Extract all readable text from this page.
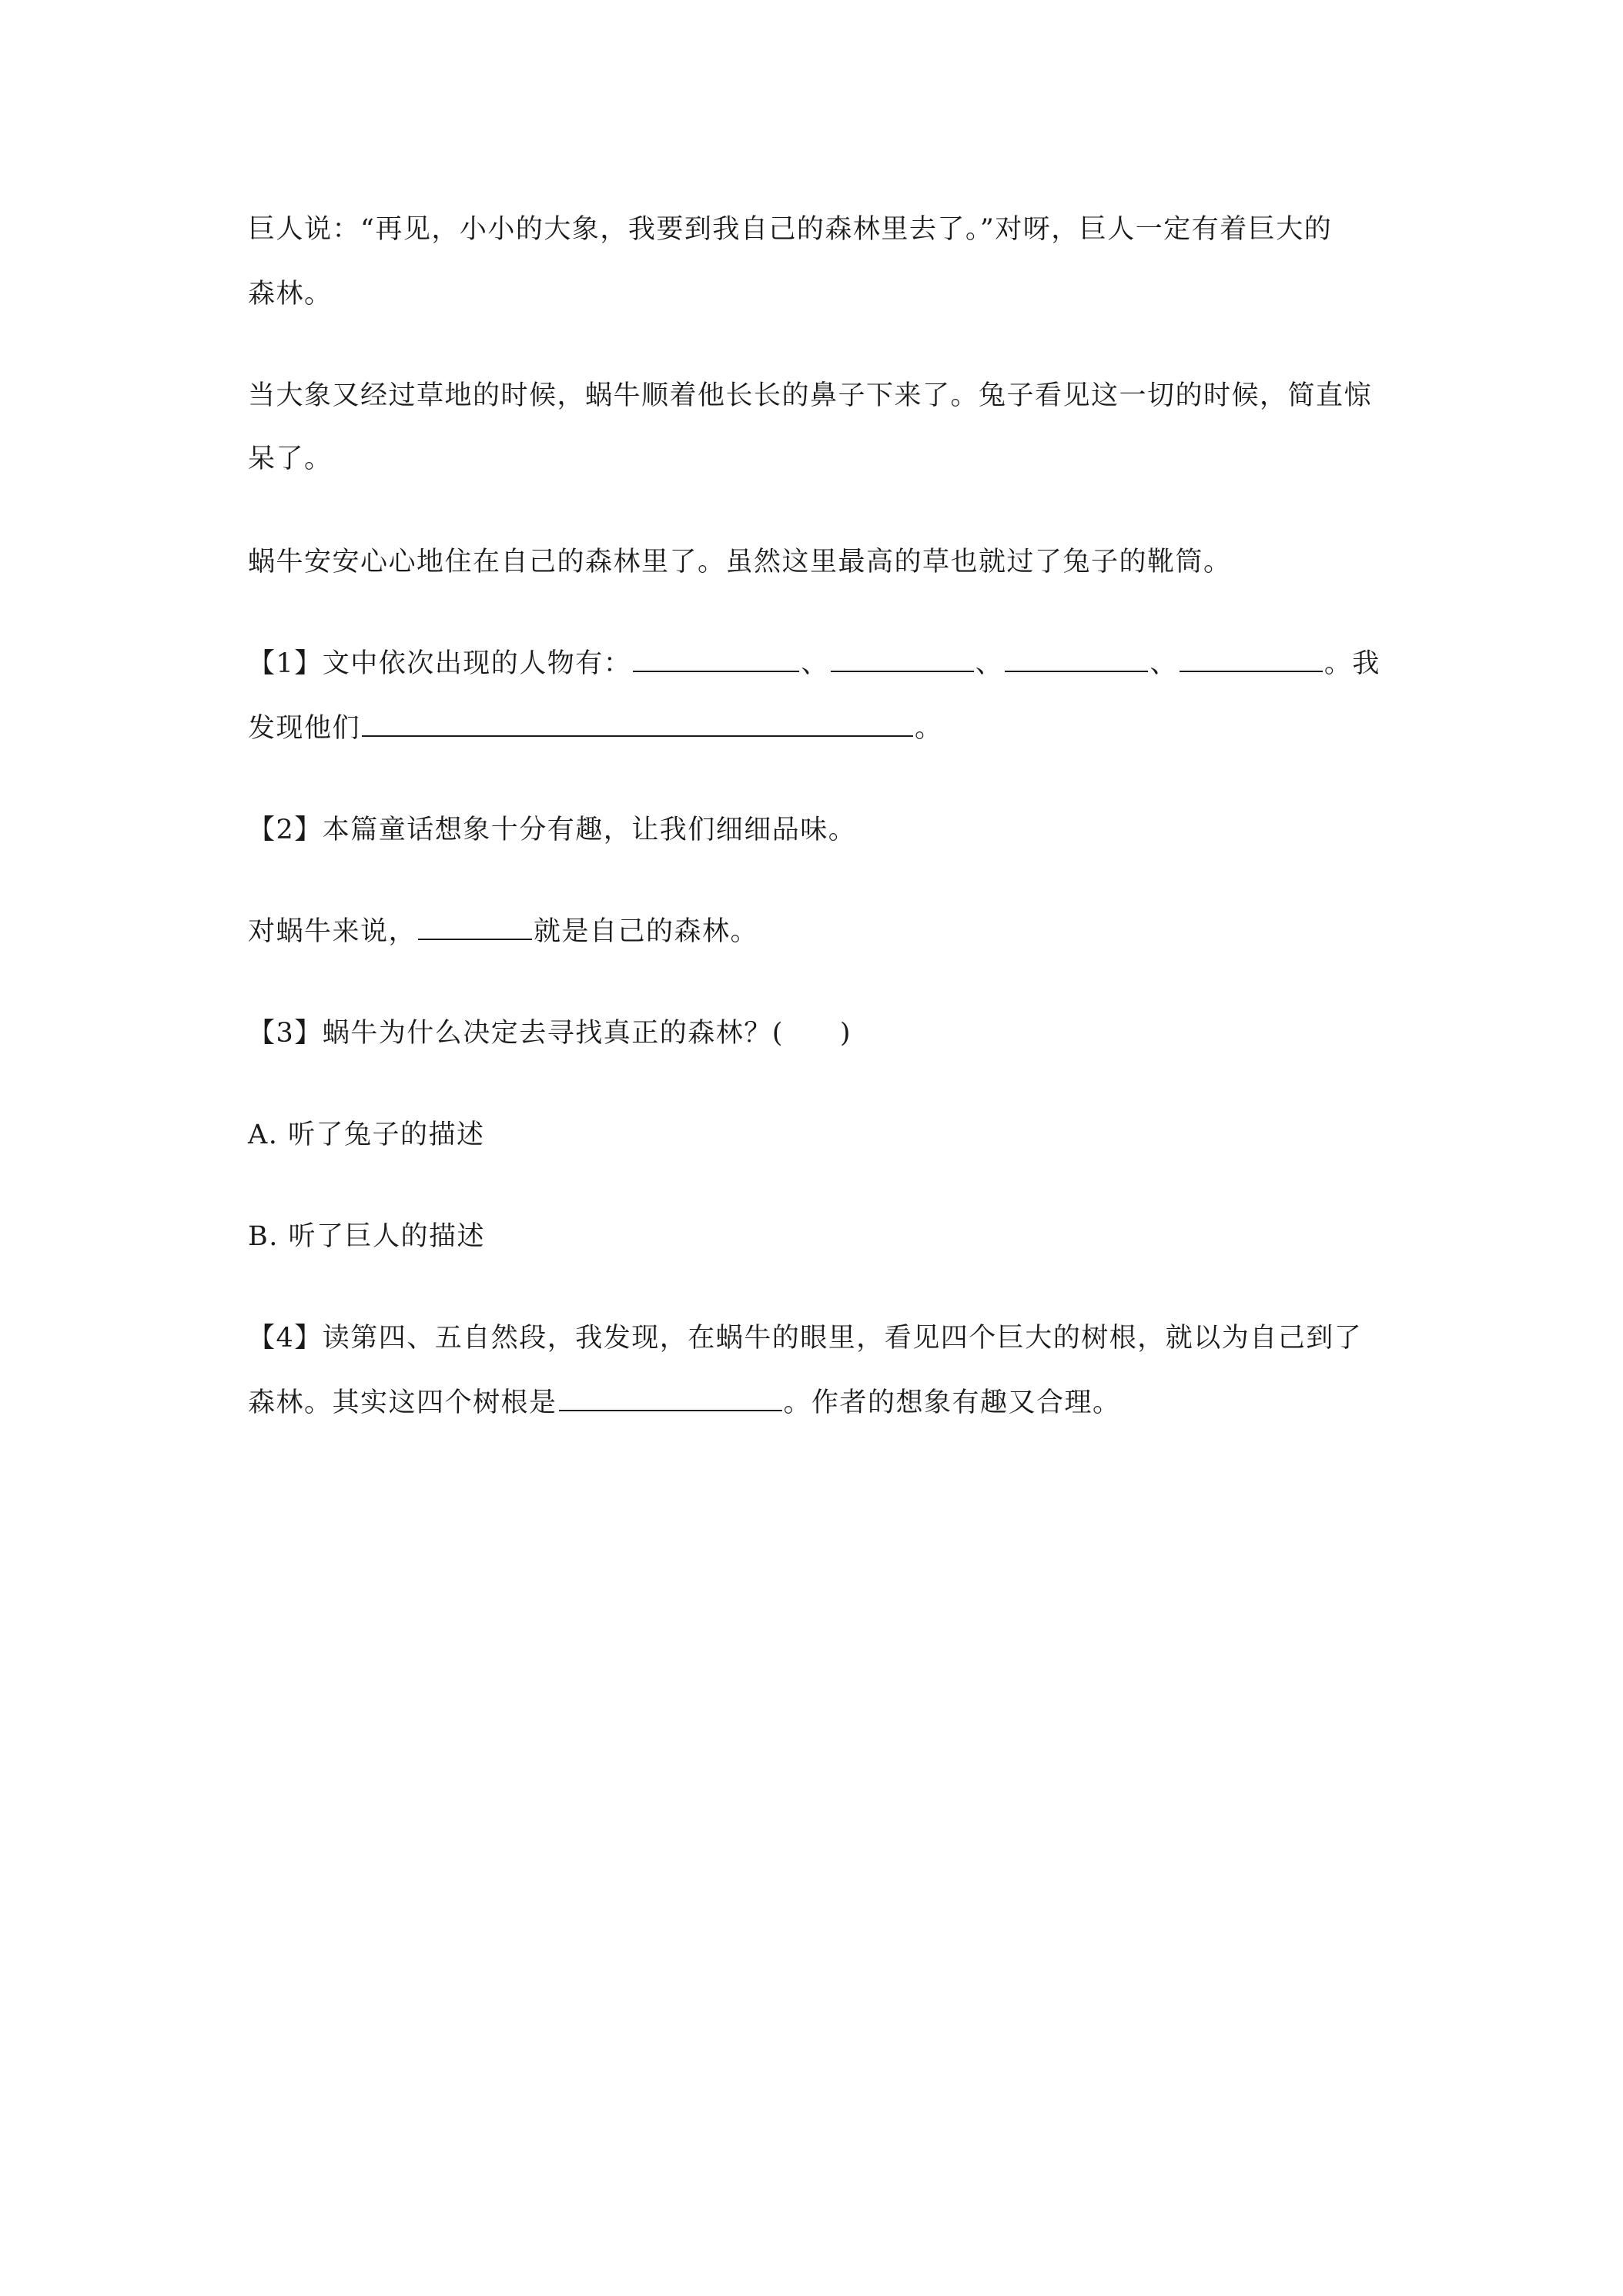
巨人说：“再见，小小的大象，我要到我自己的森林里去了。”对呀，巨人一定有着巨大的

森林。

当大象又经过草地的时候，蜗牛顺着他长长的鼻子下来了。兔子看见这一切的时候，简直惊

呆了。

蜗牛安安心心地住在自己的森林里了。虽然这里最高的草也就过了兔子的靴筒。

【1】文中依次出现的人物有：	、	、	、	。我

发现他们	。

【2】本篇童话想象十分有趣，让我们细细品味。

对蜗牛来说，	就是自己的森林。

【3】蜗牛为什么决定去寻找真正的森林？(　　)

A. 听了兔子的描述

B. 听了巨人的描述

【4】读第四、五自然段，我发现，在蜗牛的眼里，看见四个巨大的树根，就以为自己到了

森林。其实这四个树根是	。作者的想象有趣又合理。
